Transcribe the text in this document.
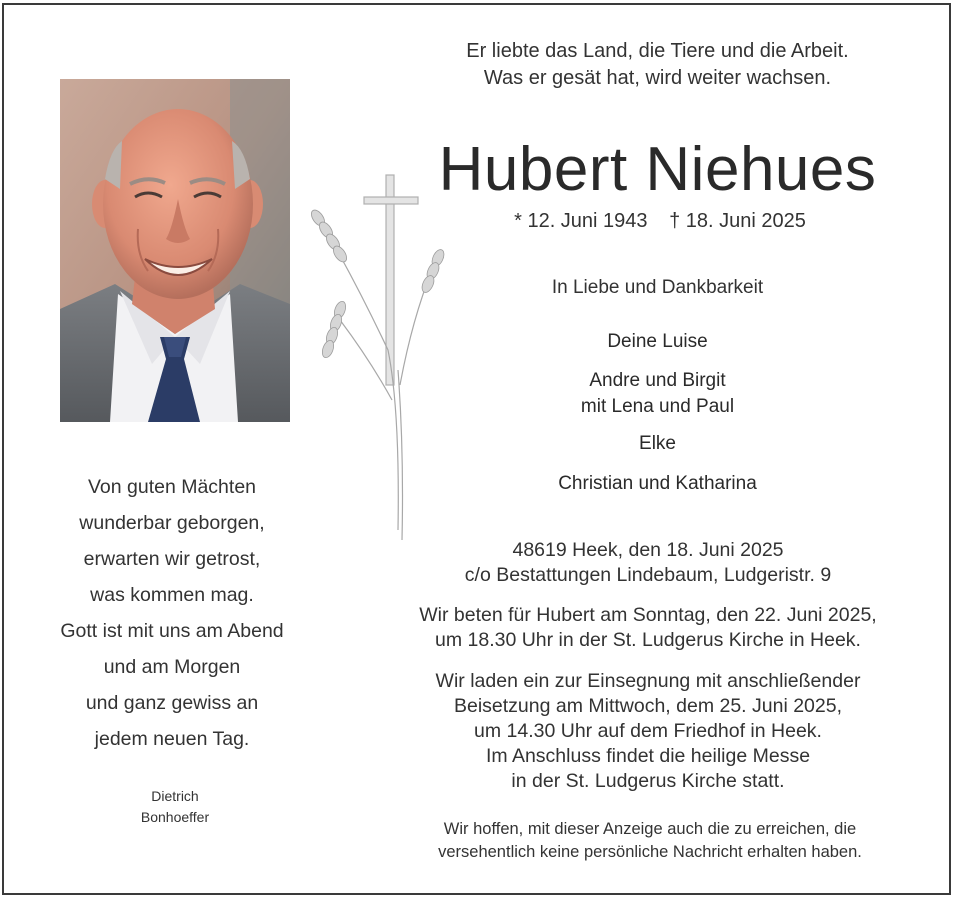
Er liebte das Land, die Tiere und die Arbeit.
Was er gesät hat, wird weiter wachsen.
Hubert Niehues
* 12. Juni 1943 † 18. Juni 2025
In Liebe und Dankbarkeit
Deine Luise
Andre und Birgit
mit Lena und Paul
Elke
Christian und Katharina
48619 Heek, den 18. Juni 2025
c/o Bestattungen Lindebaum, Ludgeristr. 9
Wir beten für Hubert am Sonntag, den 22. Juni 2025,
um 18.30 Uhr in der St. Ludgerus Kirche in Heek.
Wir laden ein zur Einsegnung mit anschließender
Beisetzung am Mittwoch, dem 25. Juni 2025,
um 14.30 Uhr auf dem Friedhof in Heek.
Im Anschluss findet die heilige Messe
in der St. Ludgerus Kirche statt.
Wir hoffen, mit dieser Anzeige auch die zu erreichen, die
versehentlich keine persönliche Nachricht erhalten haben.
Von guten Mächten
wunderbar geborgen,
erwarten wir getrost,
was kommen mag.
Gott ist mit uns am Abend
und am Morgen
und ganz gewiss an
jedem neuen Tag.
Dietrich
Bonhoeffer
